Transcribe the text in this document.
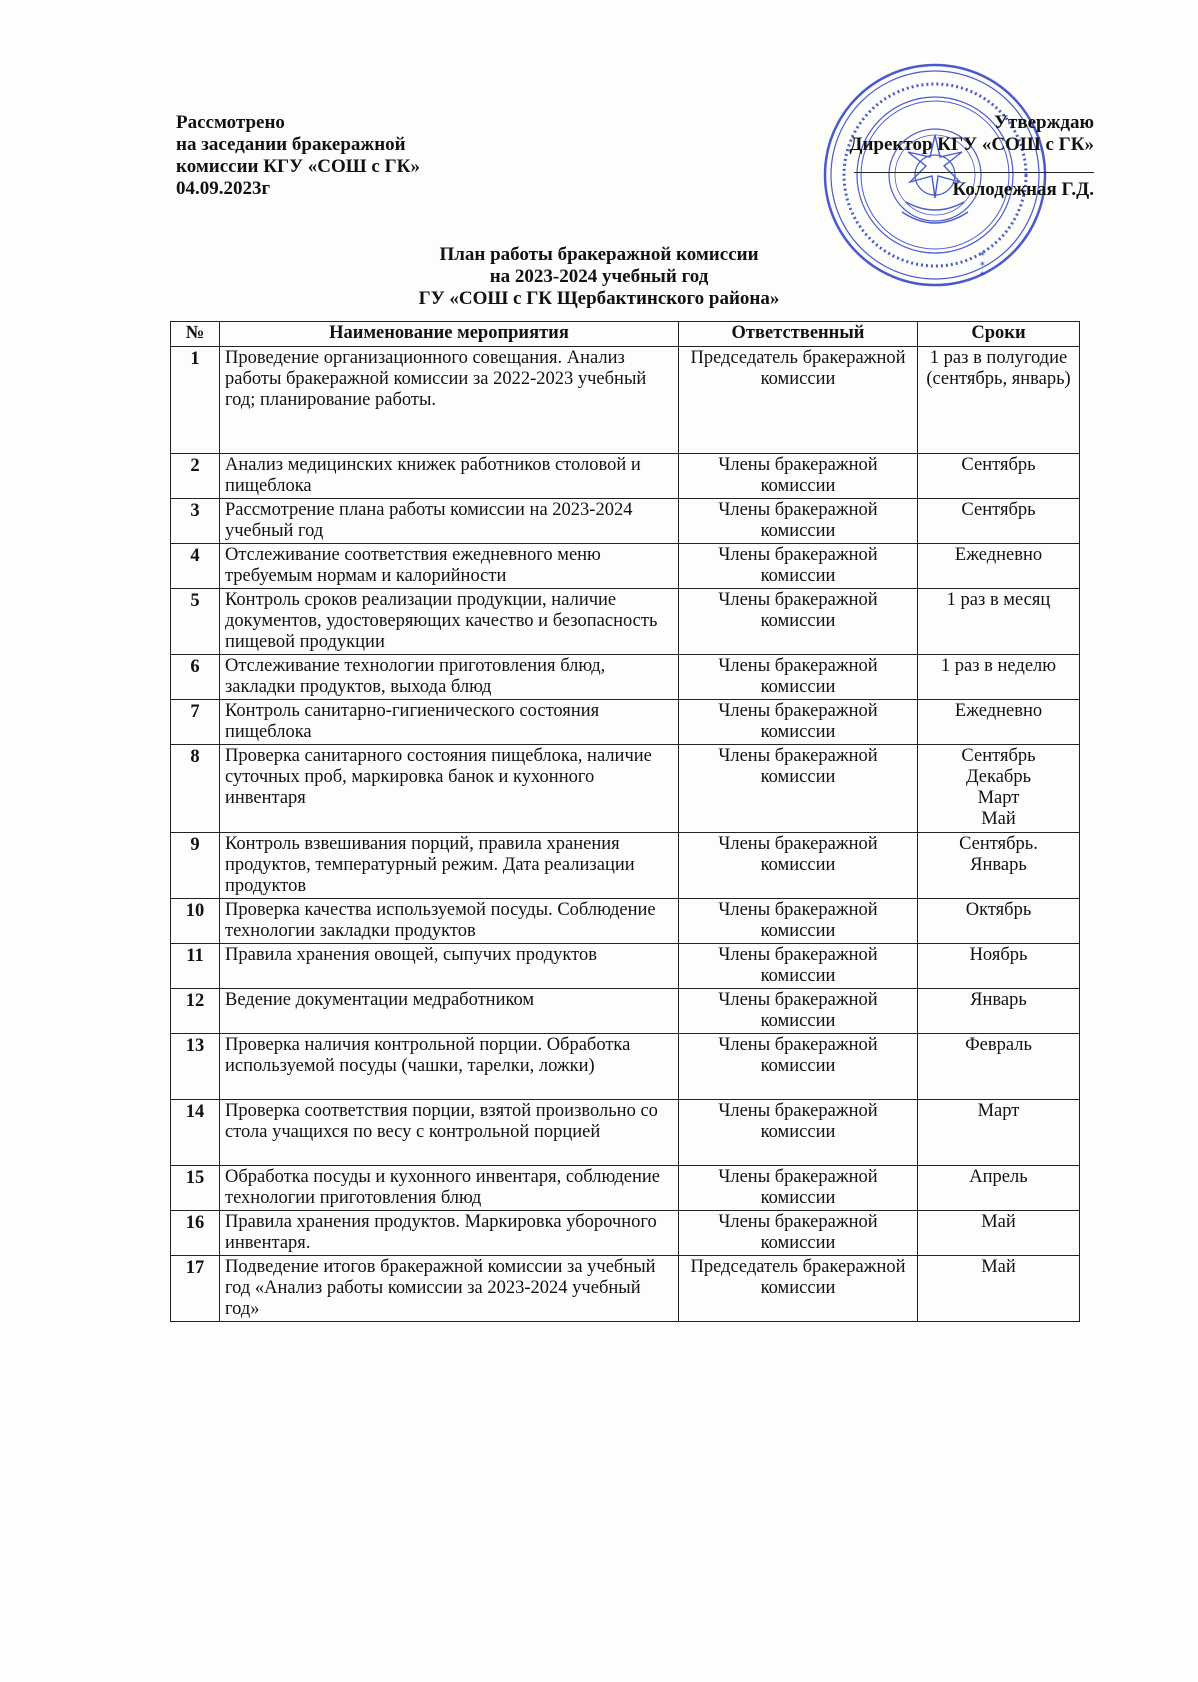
Рассмотрено
на заседании бракеражной
комиссии КГУ «СОШ с ГК»
04.09.2023г
*
*
*
Утверждаю
Директор КГУ «СОШ с ГК»
Колодежная Г.Д.
План работы бракеражной комиссии
на 2023-2024 учебный год
ГУ «СОШ с ГК Щербактинского района»
№	Наименование мероприятия	Ответственный	Сроки
1	Проведение организационного совещания. Анализ работы бракеражной комиссии за 2022-2023 учебный год; планирование работы.	Председатель бракеражной комиссии	1 раз в полугодие (сентябрь, январь)

2	Анализ медицинских книжек работников столовой и пищеблока	Члены бракеражной комиссии	Сентябрь

3	Рассмотрение плана работы комиссии на 2023-2024 учебный год	Члены бракеражной комиссии	Сентябрь

4	Отслеживание соответствия ежедневного меню требуемым нормам и калорийности	Члены бракеражной комиссии	Ежедневно

5	Контроль сроков реализации продукции, наличие документов, удостоверяющих качество и безопасность пищевой продукции	Члены бракеражной комиссии	1 раз в месяц

6	Отслеживание технологии приготовления блюд, закладки продуктов, выхода блюд	Члены бракеражной комиссии	1 раз в неделю

7	Контроль санитарно-гигиенического состояния пищеблока	Члены бракеражной комиссии	Ежедневно

8	Проверка санитарного состояния пищеблока, наличие суточных проб, маркировка банок и кухонного инвентаря	Члены бракеражной комиссии	Сентябрь
Декабрь
Март
Май

9	Контроль взвешивания порций, правила хранения продуктов, температурный режим. Дата реализации продуктов	Члены бракеражной комиссии	Сентябрь.
Январь

10	Проверка качества используемой посуды. Соблюдение технологии закладки продуктов	Члены бракеражной комиссии	Октябрь

11	Правила хранения овощей, сыпучих продуктов	Члены бракеражной комиссии	Ноябрь

12	Ведение документации медработником	Члены бракеражной комиссии	Январь

13	Проверка наличия контрольной порции. Обработка используемой посуды (чашки, тарелки, ложки)	Члены бракеражной комиссии	Февраль

14	Проверка соответствия порции, взятой произвольно со стола учащихся по весу с контрольной порцией	Члены бракеражной комиссии	Март

15	Обработка посуды и кухонного инвентаря, соблюдение технологии приготовления блюд	Члены бракеражной комиссии	Апрель

16	Правила хранения продуктов. Маркировка уборочного инвентаря.	Члены бракеражной комиссии	Май

17	Подведение итогов бракеражной комиссии за учебный год «Анализ работы комиссии за 2023-2024 учебный год»	Председатель бракеражной комиссии	Май
